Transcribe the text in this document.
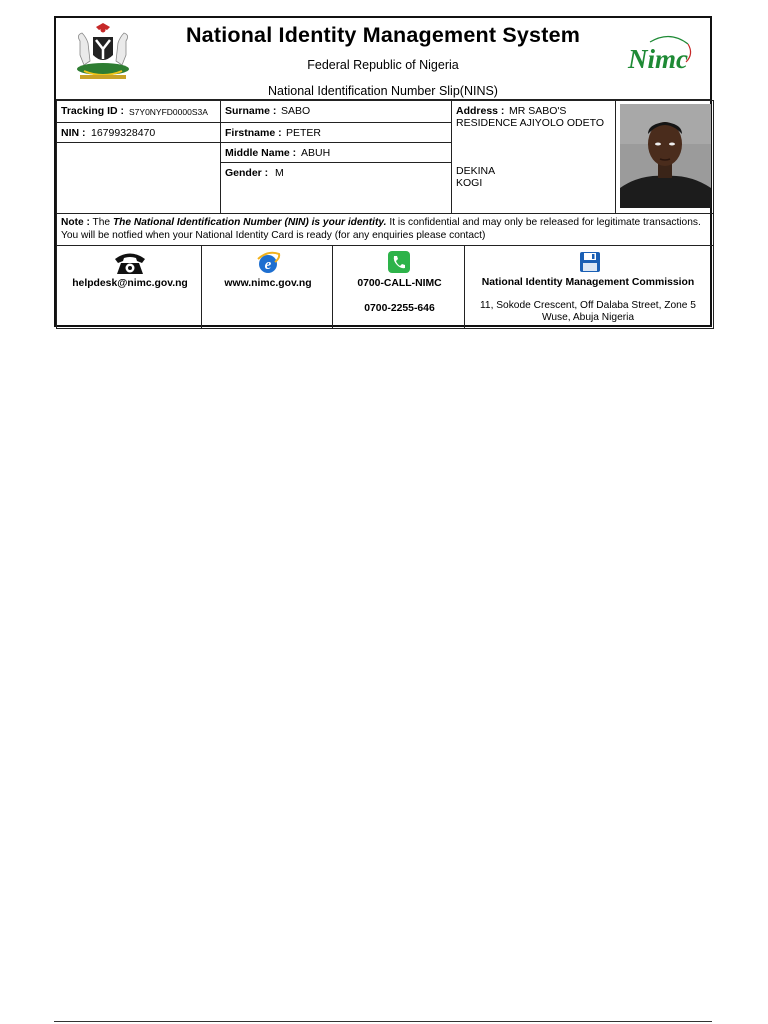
National Identity Management System
Federal Republic of Nigeria
National Identification Number Slip(NINS)
Nimc
Tracking ID : S7Y0NYFD0000S3A
NIN : 16799328470
Surname : SABO
Firstname : PETER
Middle Name : ABUH
Gender : M
Address : MR SABO'S
RESIDENCE AJIYOLO ODETO
DEKINA
KOGI
Note : The The National Identification Number (NIN) is your identity. It is confidential and may only be released for legitimate transactions.
You will be notfied when your National Identity Card is ready (for any enquiries please contact)
helpdesk@nimc.gov.ng
e
www.nimc.gov.ng	0700-CALL-NIMC
0700-2255-646
National Identity Management Commission
11, Sokode Crescent, Off Dalaba Street, Zone 5
Wuse, Abuja Nigeria
